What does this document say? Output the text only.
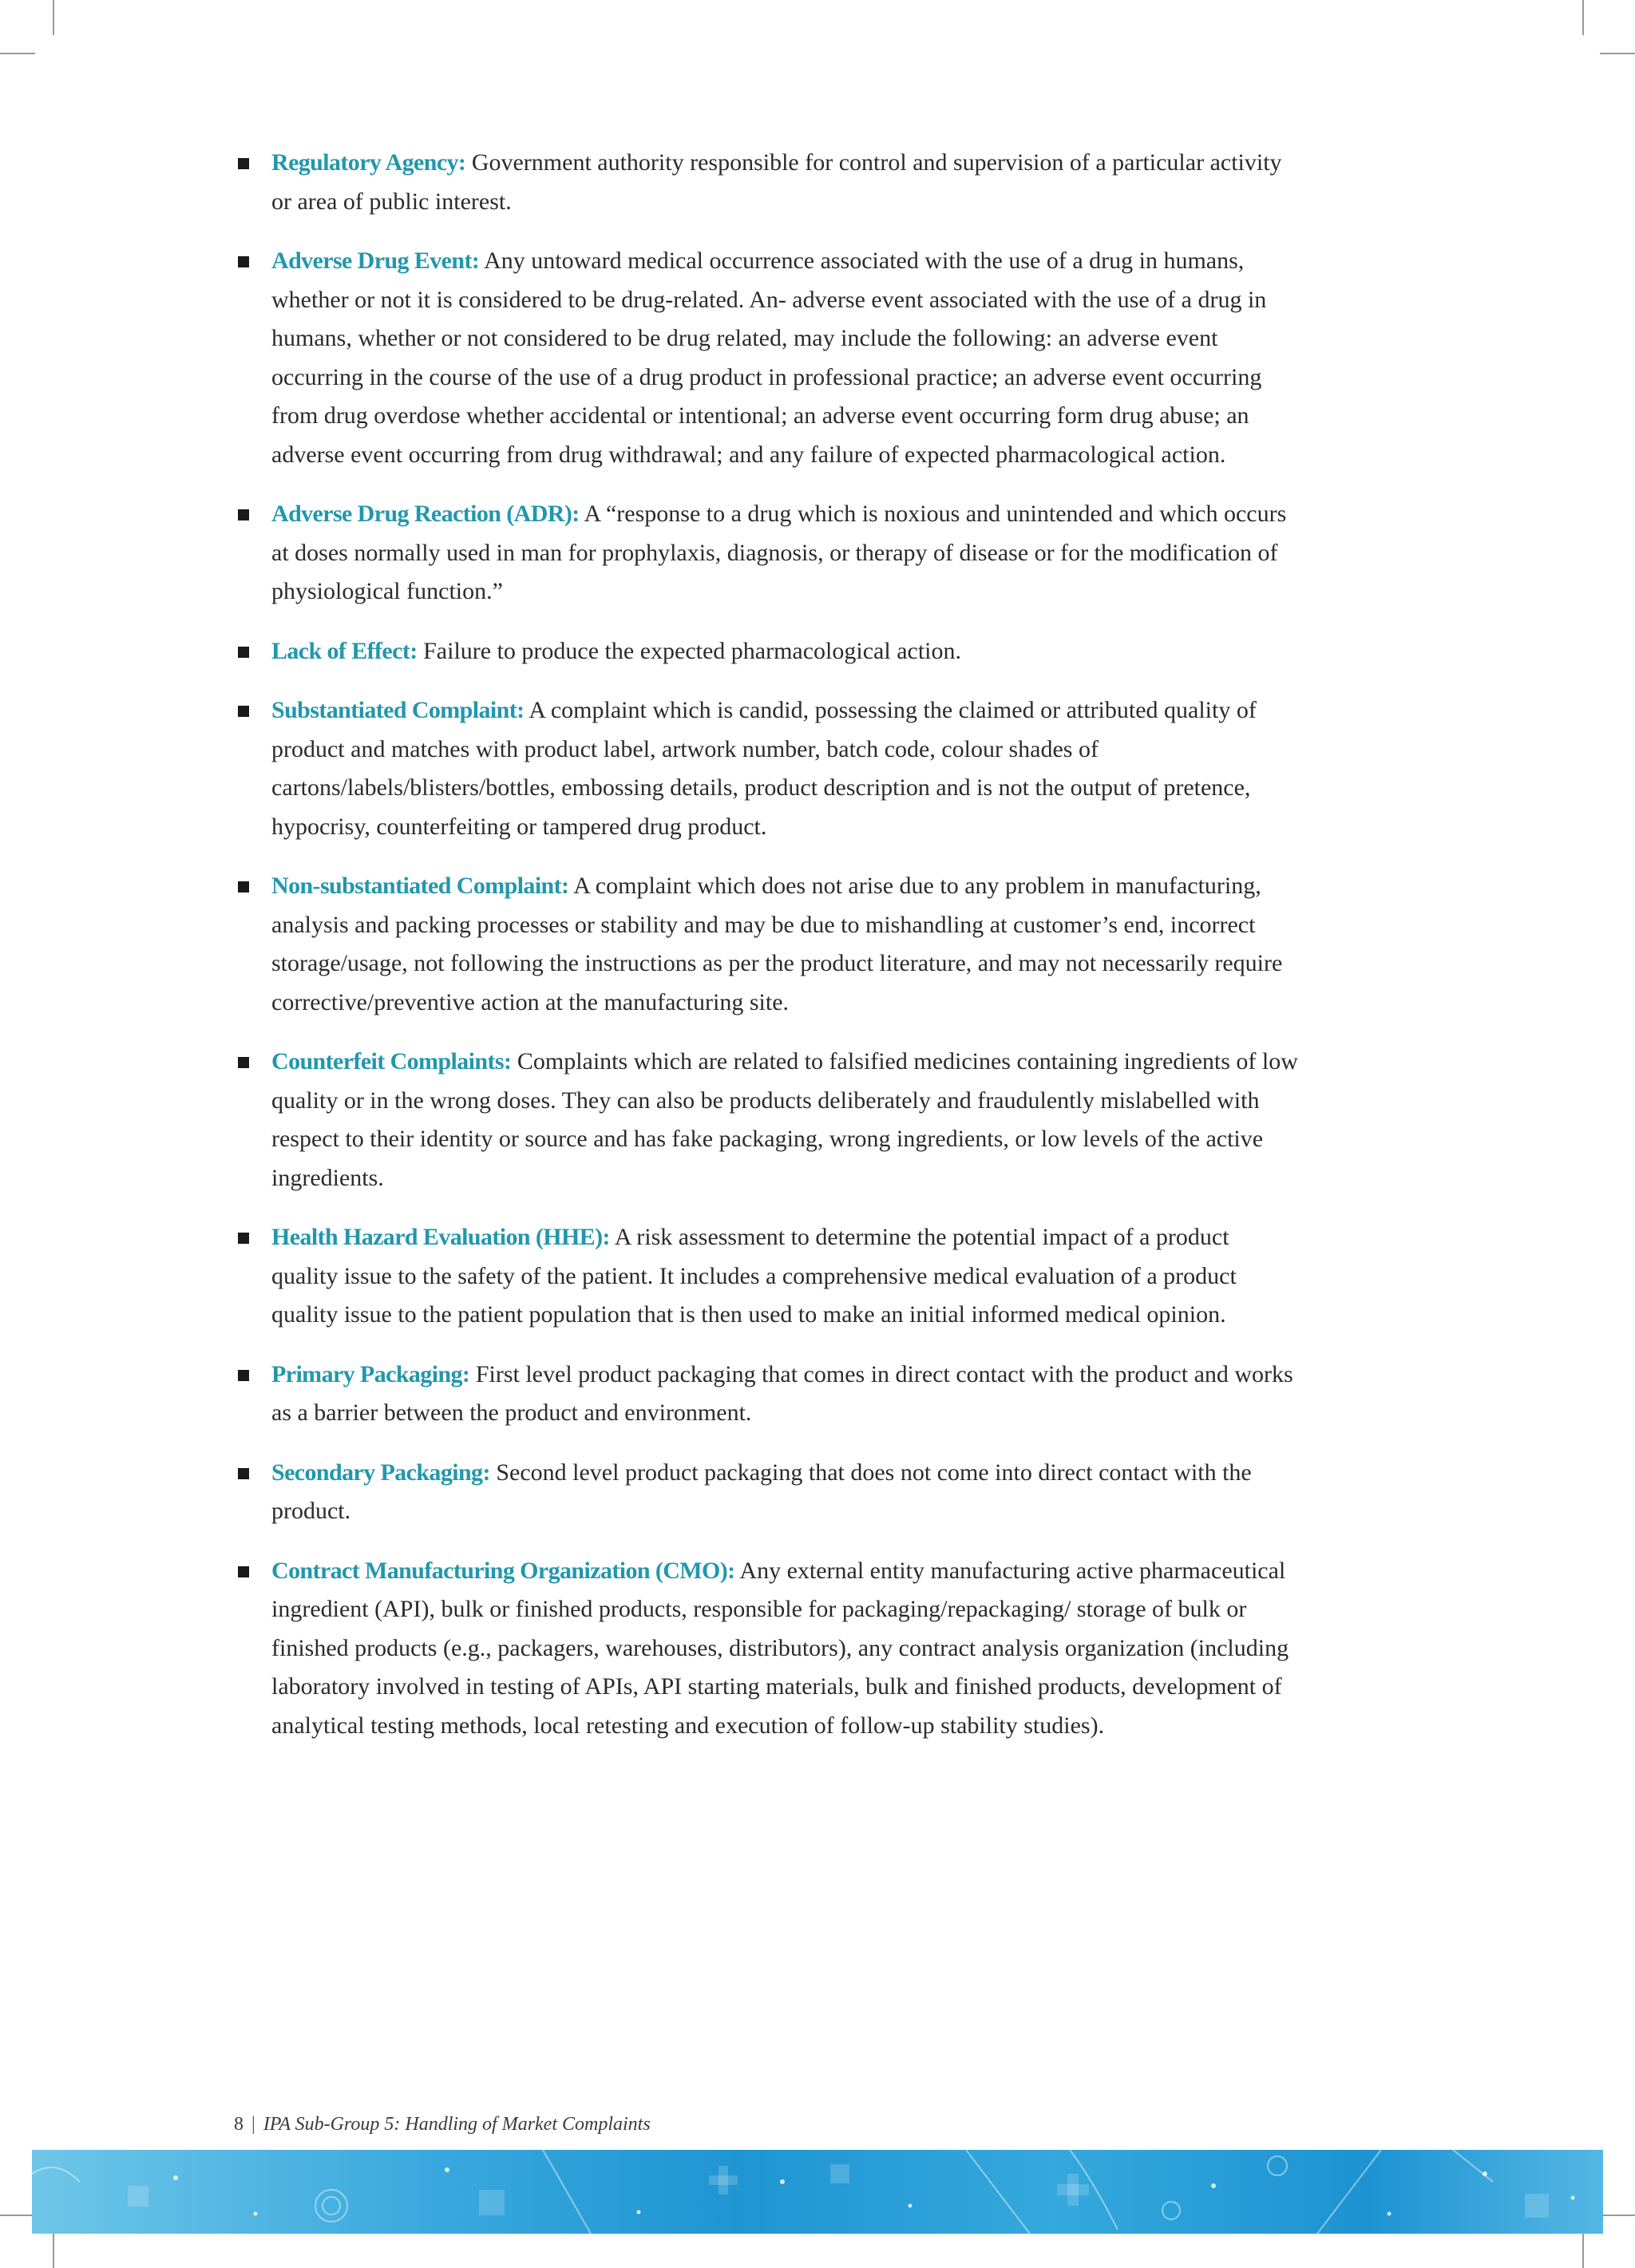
Regulatory Agency: Government authority responsible for control and supervision of a particular activity or area of public interest.
Adverse Drug Event: Any untoward medical occurrence associated with the use of a drug in humans, whether or not it is considered to be drug-related. An- adverse event associated with the use of a drug in humans, whether or not considered to be drug related, may include the following: an adverse event occurring in the course of the use of a drug product in professional practice; an adverse event occurring from drug overdose whether accidental or intentional; an adverse event occurring form drug abuse; an adverse event occurring from drug withdrawal; and any failure of expected pharmacological action.
Adverse Drug Reaction (ADR): A “response to a drug which is noxious and unintended and which occurs at doses normally used in man for prophylaxis, diagnosis, or therapy of disease or for the modification of physiological function.”
Lack of Effect: Failure to produce the expected pharmacological action.
Substantiated Complaint: A complaint which is candid, possessing the claimed or attributed quality of product and matches with product label, artwork number, batch code, colour shades of cartons/labels/blisters/bottles, embossing details, product description and is not the output of pretence, hypocrisy, counterfeiting or tampered drug product.
Non-substantiated Complaint: A complaint which does not arise due to any problem in manufacturing, analysis and packing processes or stability and may be due to mishandling at customer’s end, incorrect storage/usage, not following the instructions as per the product literature, and may not necessarily require corrective/preventive action at the manufacturing site.
Counterfeit Complaints: Complaints which are related to falsified medicines containing ingredients of low quality or in the wrong doses. They can also be products deliberately and fraudulently mislabelled with respect to their identity or source and has fake packaging, wrong ingredients, or low levels of the active ingredients.
Health Hazard Evaluation (HHE): A risk assessment to determine the potential impact of a product quality issue to the safety of the patient. It includes a comprehensive medical evaluation of a product quality issue to the patient population that is then used to make an initial informed medical opinion.
Primary Packaging: First level product packaging that comes in direct contact with the product and works as a barrier between the product and environment.
Secondary Packaging: Second level product packaging that does not come into direct contact with the product.
Contract Manufacturing Organization (CMO): Any external entity manufacturing active pharmaceutical ingredient (API), bulk or finished products, responsible for packaging/repackaging/ storage of bulk or finished products (e.g., packagers, warehouses, distributors), any contract analysis organization (including laboratory involved in testing of APIs, API starting materials, bulk and finished products, development of analytical testing methods, local retesting and execution of follow-up stability studies).
8 | IPA Sub-Group 5: Handling of Market Complaints
